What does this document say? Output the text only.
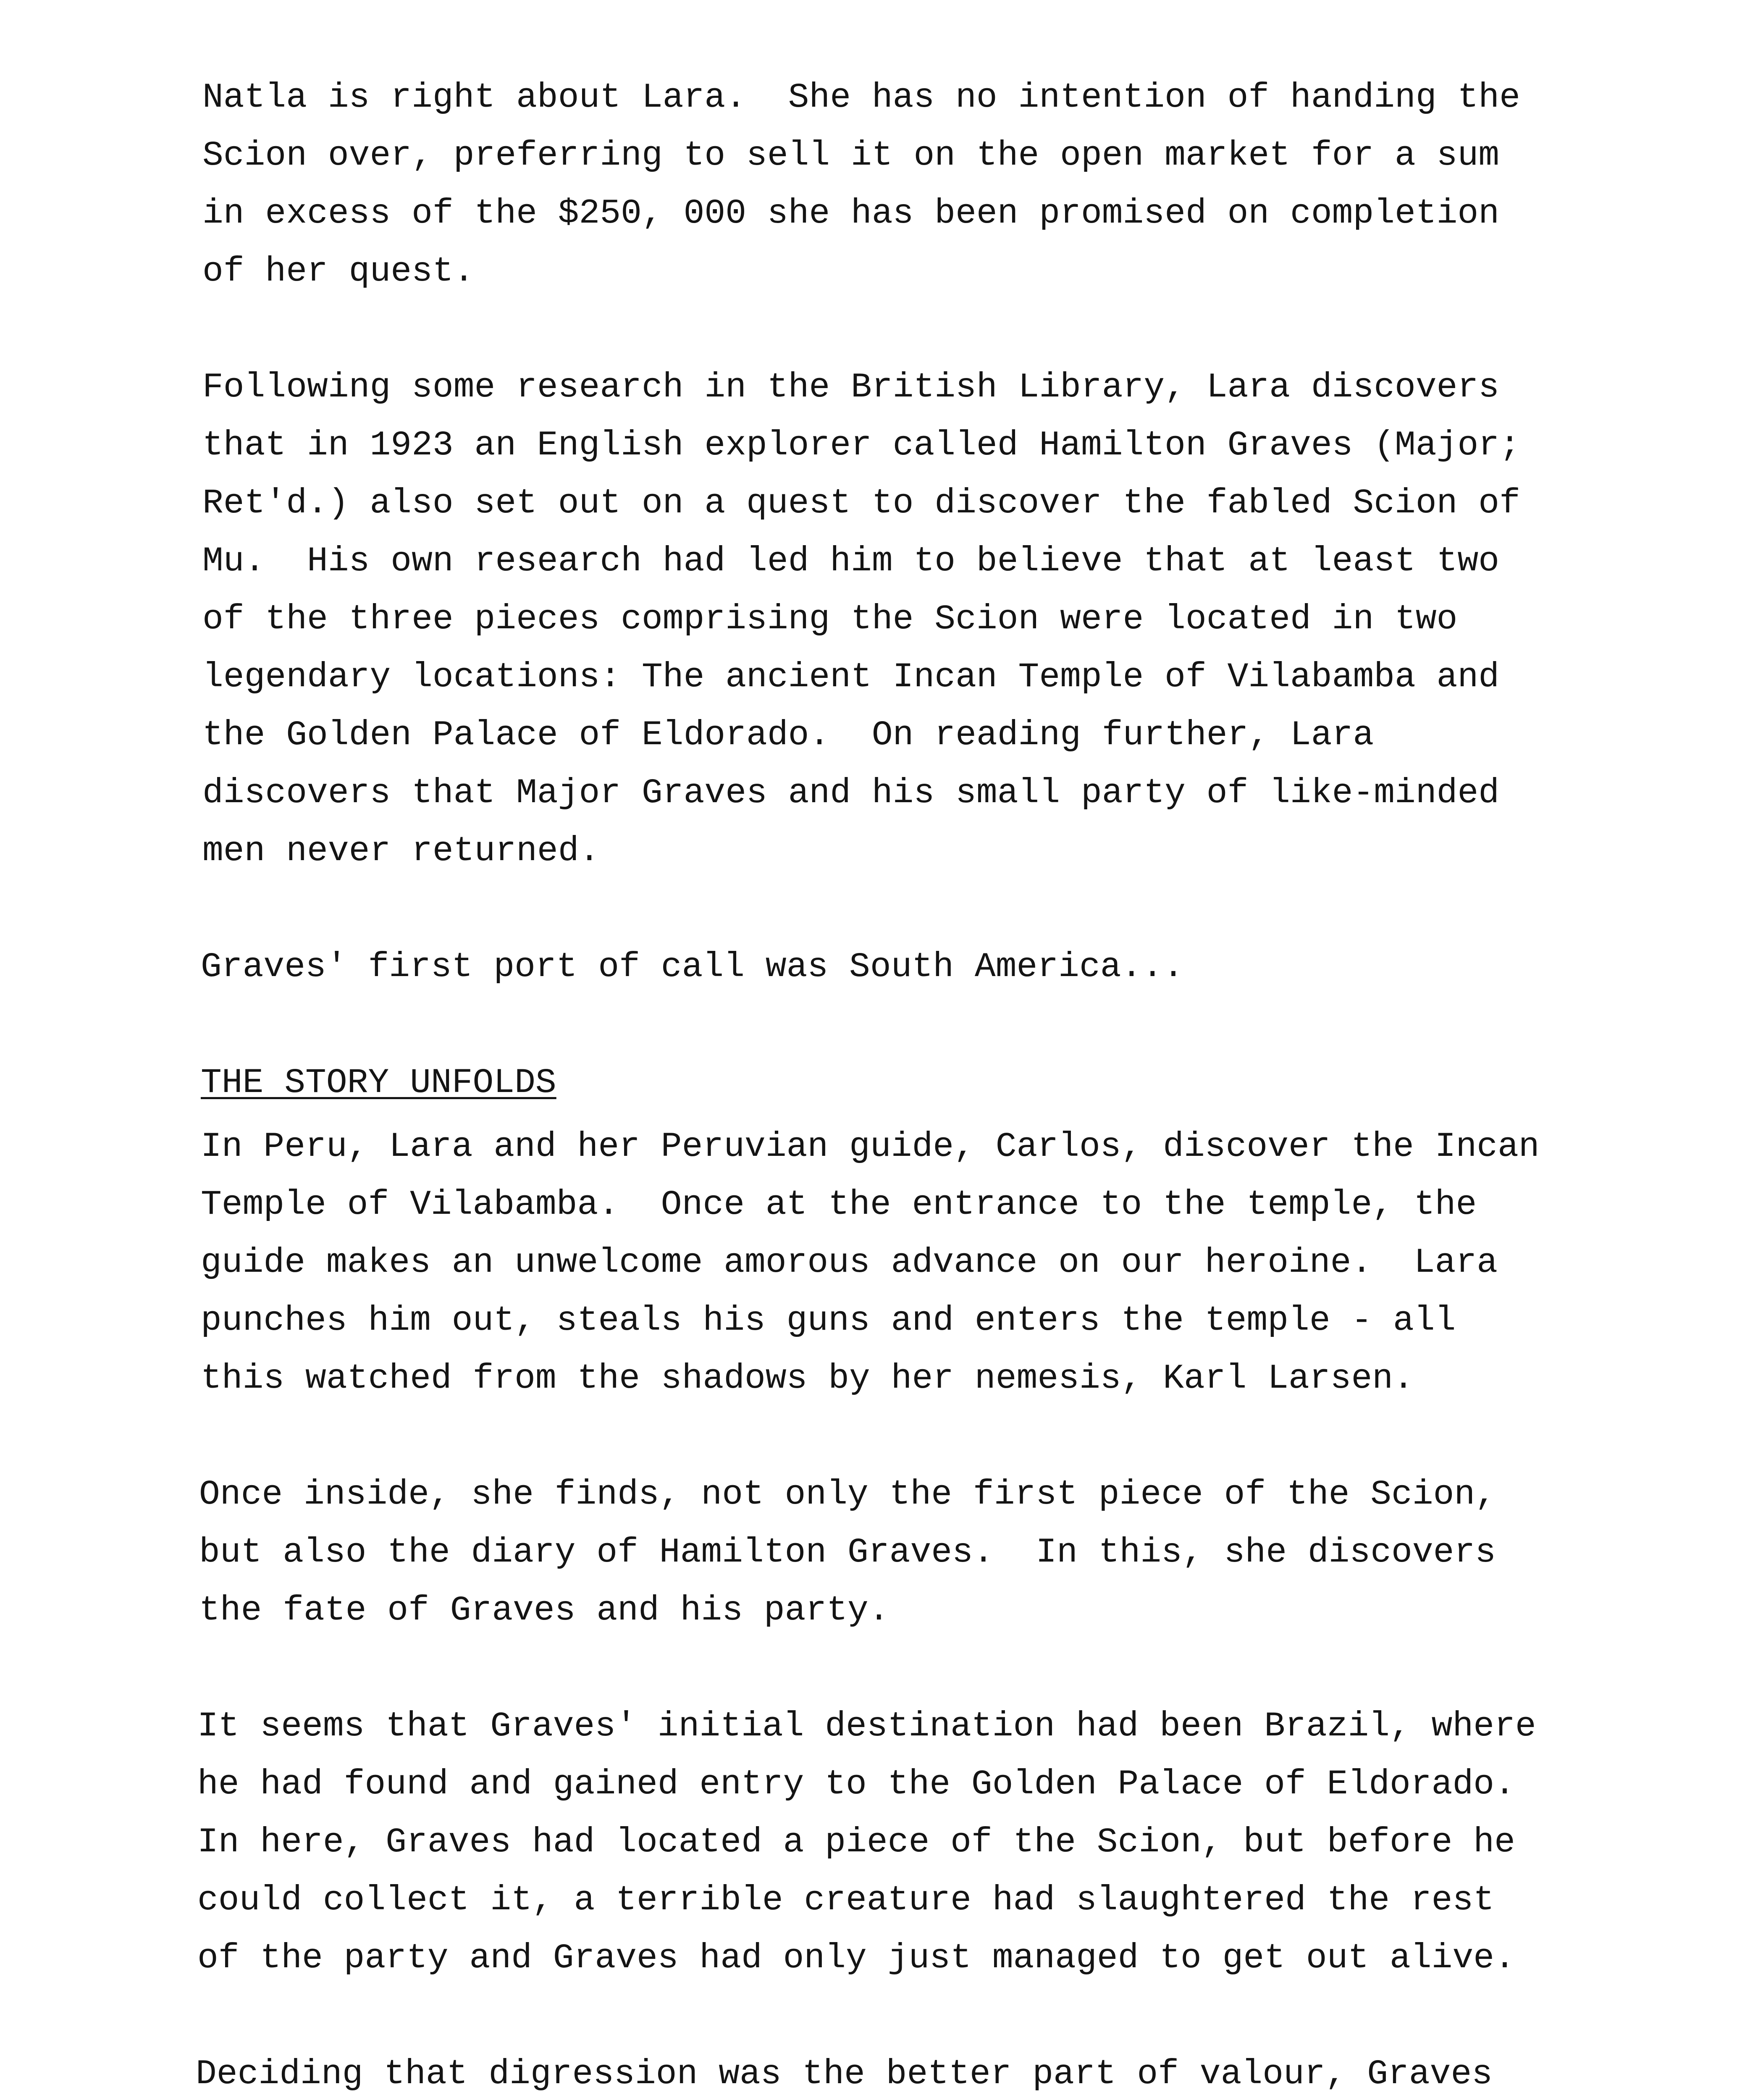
Natla is right about Lara.  She has no intention of handing the
Scion over, preferring to sell it on the open market for a sum
in excess of the $250, 000 she has been promised on completion
of her quest.
Following some research in the British Library, Lara discovers
that in 1923 an English explorer called Hamilton Graves (Major;
Ret'd.) also set out on a quest to discover the fabled Scion of
Mu.  His own research had led him to believe that at least two
of the three pieces comprising the Scion were located in two
legendary locations: The ancient Incan Temple of Vilabamba and
the Golden Palace of Eldorado.  On reading further, Lara
discovers that Major Graves and his small party of like-minded
men never returned.
Graves' first port of call was South America...
THE STORY UNFOLDS
In Peru, Lara and her Peruvian guide, Carlos, discover the Incan
Temple of Vilabamba.  Once at the entrance to the temple, the
guide makes an unwelcome amorous advance on our heroine.  Lara
punches him out, steals his guns and enters the temple - all
this watched from the shadows by her nemesis, Karl Larsen.
Once inside, she finds, not only the first piece of the Scion,
but also the diary of Hamilton Graves.  In this, she discovers
the fate of Graves and his party.
It seems that Graves' initial destination had been Brazil, where
he had found and gained entry to the Golden Palace of Eldorado.
In here, Graves had located a piece of the Scion, but before he
could collect it, a terrible creature had slaughtered the rest
of the party and Graves had only just managed to get out alive.
Deciding that digression was the better part of valour, Graves
